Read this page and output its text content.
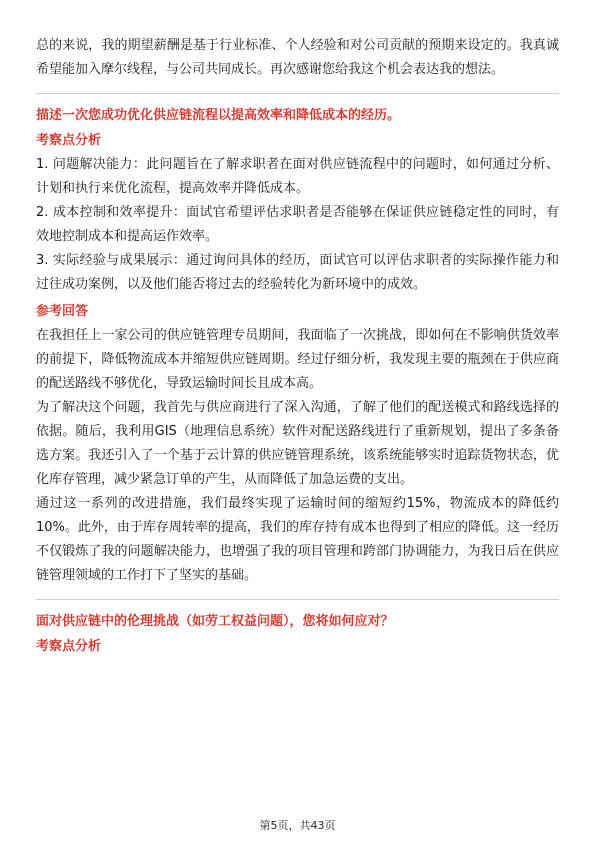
总的来说，我的期望薪酬是基于行业标准、个人经验和对公司贡献的预期来设定的。我真诚希望能加入摩尔线程，与公司共同成长。再次感谢您给我这个机会表达我的想法。

描述一次您成功优化供应链流程以提高效率和降低成本的经历。

考察点分析

1. 问题解决能力：此问题旨在了解求职者在面对供应链流程中的问题时，如何通过分析、计划和执行来优化流程，提高效率并降低成本。

2. 成本控制和效率提升：面试官希望评估求职者是否能够在保证供应链稳定性的同时，有效地控制成本和提高运作效率。

3. 实际经验与成果展示：通过询问具体的经历，面试官可以评估求职者的实际操作能力和过往成功案例，以及他们能否将过去的经验转化为新环境中的成效。

参考回答

在我担任上一家公司的供应链管理专员期间，我面临了一次挑战，即如何在不影响供货效率的前提下，降低物流成本并缩短供应链周期。经过仔细分析，我发现主要的瓶颈在于供应商的配送路线不够优化，导致运输时间长且成本高。

为了解决这个问题，我首先与供应商进行了深入沟通，了解了他们的配送模式和路线选择的依据。随后，我利用GIS（地理信息系统）软件对配送路线进行了重新规划，提出了多条备选方案。我还引入了一个基于云计算的供应链管理系统，该系统能够实时追踪货物状态，优化库存管理，减少紧急订单的产生，从而降低了加急运费的支出。

通过这一系列的改进措施，我们最终实现了运输时间的缩短约15%，物流成本的降低约10%。此外，由于库存周转率的提高，我们的库存持有成本也得到了相应的降低。这一经历不仅锻炼了我的问题解决能力，也增强了我的项目管理和跨部门协调能力，为我日后在供应链管理领域的工作打下了坚实的基础。

面对供应链中的伦理挑战（如劳工权益问题），您将如何应对？

考察点分析

第5页，共43页
